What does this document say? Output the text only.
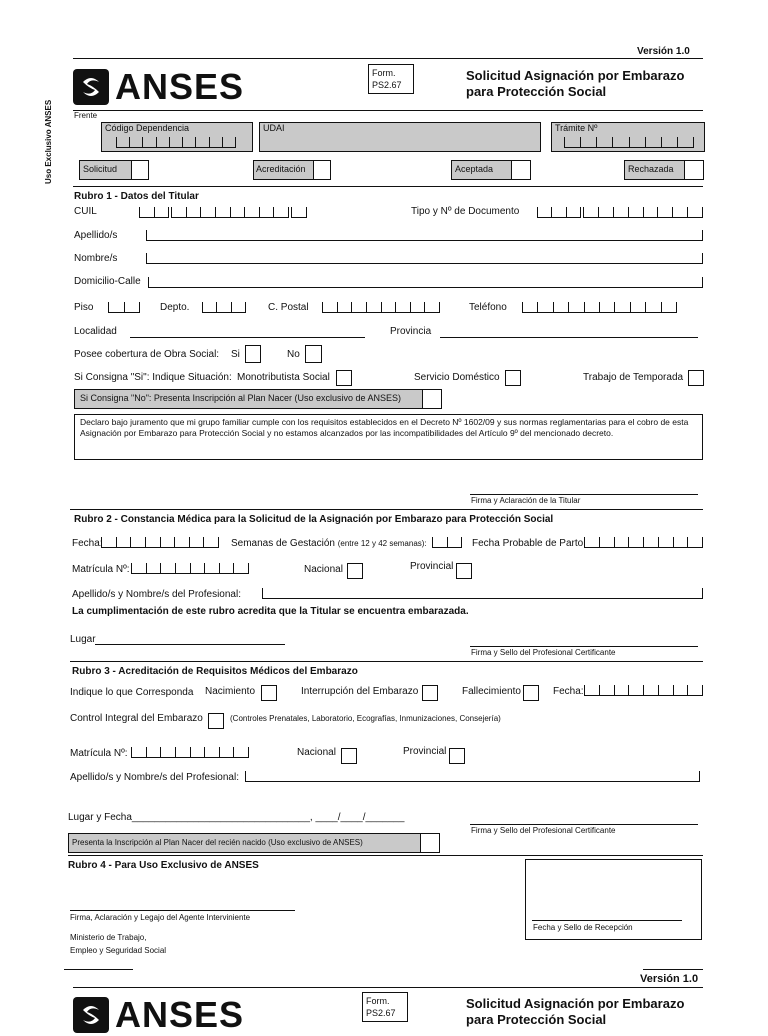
Versión 1.0
ANSES	Form.
PS2.67
Solicitud Asignación por Embarazo
para Protección Social
Uso Exclusivo ANSES	Frente
Código Dependencia	UDAI	Trámite Nº
Solicitud	Acreditación	Aceptada	Rechazada
Rubro 1 - Datos del Titular
CUIL	Tipo y Nº de Documento
Apellido/s
Nombre/s
Domicilio-Calle
Piso	Depto.	C. Postal	Teléfono
Localidad	Provincia
Posee cobertura de Obra Social: Si	No
Si Consigna "Si": Indique Situación: Monotributista Social	Servicio Doméstico	Trabajo de Temporada
Si Consigna "No": Presenta Inscripción al Plan Nacer (Uso exclusivo de ANSES)
Declaro bajo juramento que mi grupo familiar cumple con los requisitos establecidos en el Decreto Nº 1602/09 y sus normas reglamentarias para el cobro de esta Asignación por Embarazo para Protección Social y no estamos alcanzados por las incompatibilidades del Artículo 9º del mencionado decreto.
Firma y Aclaración de la Titular
Rubro 2 - Constancia Médica para la Solicitud de la Asignación por Embarazo para Protección Social
Fecha:	Semanas de Gestación (entre 12 y 42 semanas):	Fecha Probable de Parto:
Matrícula Nº:	Nacional	Provincial
Apellido/s y Nombre/s del Profesional:
La cumplimentación de este rubro acredita que la Titular se encuentra embarazada.
Lugar
Firma y Sello del Profesional Certificante
Rubro 3 - Acreditación de Requisitos Médicos del Embarazo
Indique lo que Corresponda Nacimiento	Interrupción del Embarazo	Fallecimiento	Fecha:
Control Integral del Embarazo	(Controles Prenatales, Laboratorio, Ecografías, Inmunizaciones, Consejería)
Matrícula Nº:	Nacional	Provincial
Apellido/s y Nombre/s del Profesional:
Lugar y Fecha________________________________, ____/____/_______
Presenta la Inscripción al Plan Nacer del recién nacido (Uso exclusivo de ANSES)
Firma y Sello del Profesional Certificante
Rubro 4 - Para Uso Exclusivo de ANSES
Firma, Aclaración y Legajo del Agente Interviniente
Fecha y Sello de Recepción
Ministerio de Trabajo,
Empleo y Seguridad Social
Versión 1.0
ANSES	Form.
PS2.67
Solicitud Asignación por Embarazo
para Protección Social
